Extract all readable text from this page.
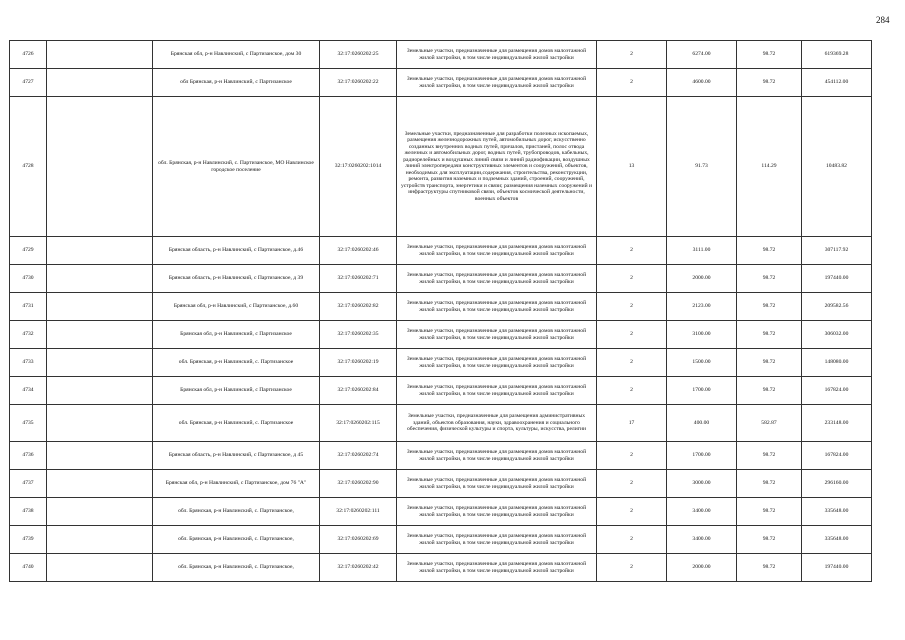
284
4726		Брянская обл, р-н Навлинский, с Партизанское, дом 30	32:17:0260202:25	Земельные участки, предназначенные для размещения домов малоэтажной жилой застройки, в том числе индивидуальной жилой застройки	2	6274.00	98.72	619369.28
4727		обл Брянская, р-н Навлинский, с Партизанское	32:17:0260202:22	Земельные участки, предназначенные для размещения домов малоэтажной жилой застройки, в том числе индивидуальной жилой застройки	2	4600.00	98.72	454112.00
4728		обл. Брянская, р-н Навлинский, с. Партизанское, МО Навлинское городское поселение	32:17:0260202:1014	Земельные участки, предназначенные для разработки полезных ископаемых, размещения железнодорожных путей, автомобильных дорог, искусственно созданных внутренних водных путей, причалов, пристаней, полос отвода железных и автомобильных дорог, водных путей, трубопроводов, кабельных, радиорелейных и воздушных линий связи и линий радиофикации, воздушных линий электропередачи конструктивных элементов и сооружений, объектов, необходимых для эксплуатации,содержания, строительства, реконструкции, ремонта, развития наземных и подземных зданий, строений, сооружений, устройств транспорта, энергетики и связи; размещения наземных сооружений и инфраструктуры спутниковой связи, объектов космической деятельности, военных объектов	13	91.73	114.29	10483.82
4729		Брянская область, р-н Навлинский, с Партизанское, д.46	32:17:0260202:46	Земельные участки, предназначенные для размещения домов малоэтажной жилой застройки, в том числе индивидуальной жилой застройки	2	3111.00	98.72	307117.92
4730		Брянская область, р-н Навлинский, с Партизанское, д 39	32:17:0260202:71	Земельные участки, предназначенные для размещения домов малоэтажной жилой застройки, в том числе индивидуальной жилой застройки	2	2000.00	98.72	197440.00
4731		Брянская обл, р-н Навлинский, с Партизанское, д.60	32:17:0260202:82	Земельные участки, предназначенные для размещения домов малоэтажной жилой застройки, в том числе индивидуальной жилой застройки	2	2123.00	98.72	209582.56
4732		Брянская обл, р-н Навлинский, с Партизанское	32:17:0260202:35	Земельные участки, предназначенные для размещения домов малоэтажной жилой застройки, в том числе индивидуальной жилой застройки	2	3100.00	98.72	306032.00
4733		обл. Брянская, р-н Навлинский, с. Партизанское	32:17:0260202:19	Земельные участки, предназначенные для размещения домов малоэтажной жилой застройки, в том числе индивидуальной жилой застройки	2	1500.00	98.72	148080.00
4734		Брянская обл, р-н Навлинский, с Партизанское	32:17:0260202:84	Земельные участки, предназначенные для размещения домов малоэтажной жилой застройки, в том числе индивидуальной жилой застройки	2	1700.00	98.72	167824.00
4735		обл. Брянская, р-н Навлинский, с. Партизанское	32:17:0260202:115	Земельные участки, предназначенные для размещения административных зданий, объектов образования, науки, здравоохранения и социального обеспечения, физической культуры и спорта, культуры, искусства, религии	17	400.00	582.87	233148.00
4736		Брянская область, р-н Навлинский, с Партизанское, д 45	32:17:0260202:74	Земельные участки, предназначенные для размещения домов малоэтажной жилой застройки, в том числе индивидуальной жилой застройки	2	1700.00	98.72	167824.00
4737		Брянская обл, р-н Навлинский, с Партизанское, дом 76 "А"	32:17:0260202:90	Земельные участки, предназначенные для размещения домов малоэтажной жилой застройки, в том числе индивидуальной жилой застройки	2	3000.00	98.72	296160.00
4738		обл. Брянская, р-н Навлинский, с. Партизанское,	32:17:0260202:111	Земельные участки, предназначенные для размещения домов малоэтажной жилой застройки, в том числе индивидуальной жилой застройки	2	3400.00	98.72	335648.00
4739		обл. Брянская, р-н Навлинский, с. Партизанское,	32:17:0260202:69	Земельные участки, предназначенные для размещения домов малоэтажной жилой застройки, в том числе индивидуальной жилой застройки	2	3400.00	98.72	335648.00
4740		обл. Брянская, р-н Навлинский, с. Партизанское,	32:17:0260202:42	Земельные участки, предназначенные для размещения домов малоэтажной жилой застройки, в том числе индивидуальной жилой застройки	2	2000.00	98.72	197440.00
